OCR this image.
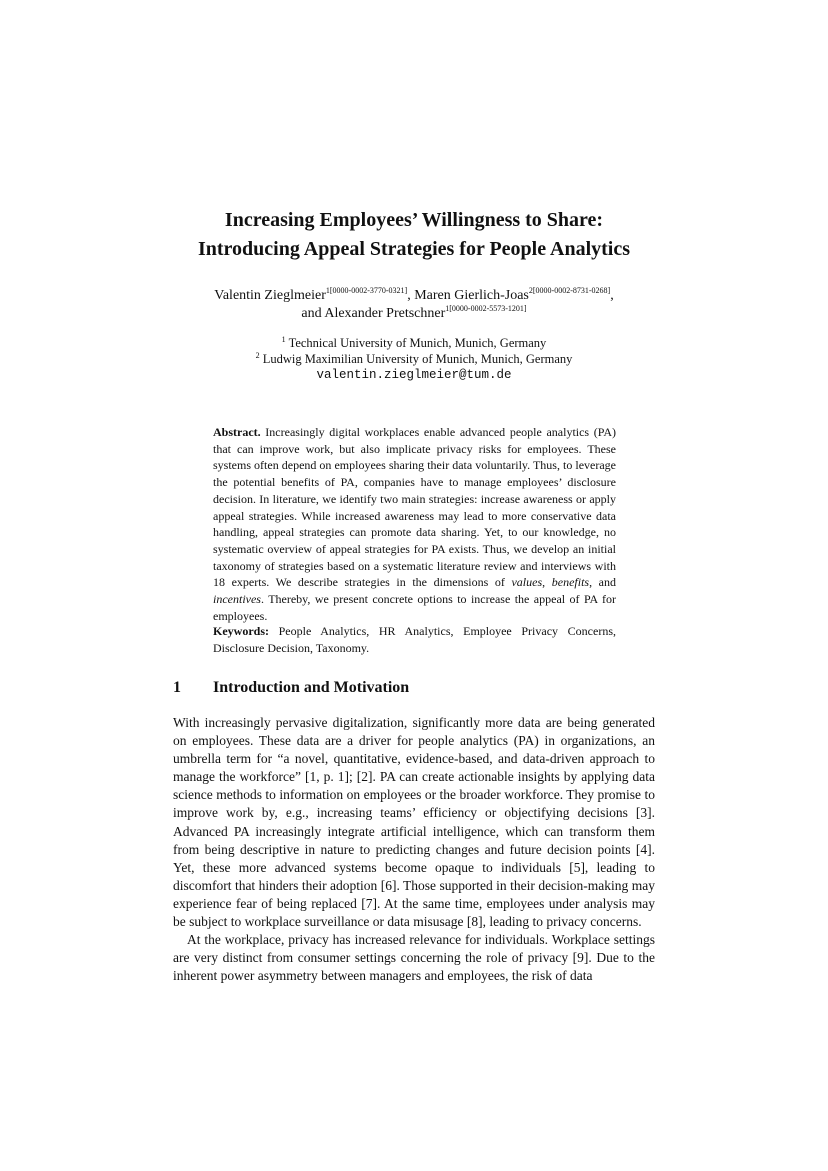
Increasing Employees’ Willingness to Share:
Introducing Appeal Strategies for People Analytics
Valentin Zieglmeier$^{1[0000-0002-3770-0321]}$, Maren Gierlich-Joas$^{2[0000-0002-8731-0268]}$,
and Alexander Pretschner$^{1[0000-0002-5573-1201]}$
$^1$ Technical University of Munich, Munich, Germany
$^2$ Ludwig Maximilian University of Munich, Munich, Germany
valentin.zieglmeier@tum.de
Abstract. Increasingly digital workplaces enable advanced people analytics (PA) that can improve work, but also implicate privacy risks for employees. These systems often depend on employees sharing their data voluntarily. Thus, to leverage the potential benefits of PA, companies have to manage employees’ disclosure decision. In literature, we identify two main strategies: increase awareness or apply appeal strategies. While increased awareness may lead to more conservative data handling, appeal strategies can promote data sharing. Yet, to our knowledge, no systematic overview of appeal strategies for PA exists. Thus, we develop an initial taxonomy of strategies based on a systematic literature review and interviews with 18 experts. We describe strategies in the dimensions of values, benefits, and incentives. Thereby, we present concrete options to increase the appeal of PA for employees.
Keywords: People Analytics, HR Analytics, Employee Privacy Concerns, Disclosure Decision, Taxonomy.
1 Introduction and Motivation

With increasingly pervasive digitalization, significantly more data are being generated on employees. These data are a driver for people analytics (PA) in organizations, an umbrella term for “a novel, quantitative, evidence-based, and data-driven approach to manage the workforce” [1, p. 1]; [2]. PA can create actionable insights by applying data science methods to information on employees or the broader workforce. They promise to improve work by, e.g., increasing teams’ efficiency or objectifying decisions [3]. Advanced PA increasingly integrate artificial intelligence, which can transform them from being descriptive in nature to predicting changes and future decision points [4]. Yet, these more advanced systems become opaque to individuals [5], leading to discomfort that hinders their adoption [6]. Those supported in their decision-making may experience fear of being replaced [7]. At the same time, employees under analysis may be subject to workplace surveillance or data misusage [8], leading to privacy concerns.

At the workplace, privacy has increased relevance for individuals. Workplace settings are very distinct from consumer settings concerning the role of privacy [9]. Due to the inherent power asymmetry between managers and employees, the risk of data
